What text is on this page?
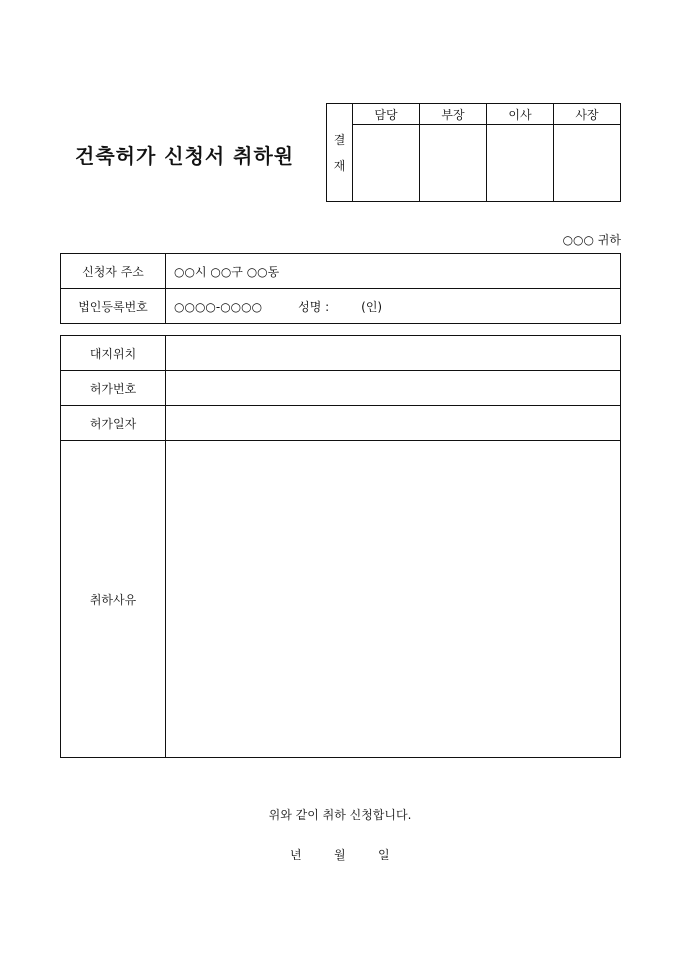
건축허가 신청서 취하원
결
재	담당	부장	이사	사장

○○○ 귀하
신청자 주소	○○시 ○○구 ○○동
법인등록번호	○○○○-○○○○ 성명 : (인)
대지위치	
허가번호	
허가일자	
취하사유	
위와 같이 취하 신청합니다.
년	월	일
